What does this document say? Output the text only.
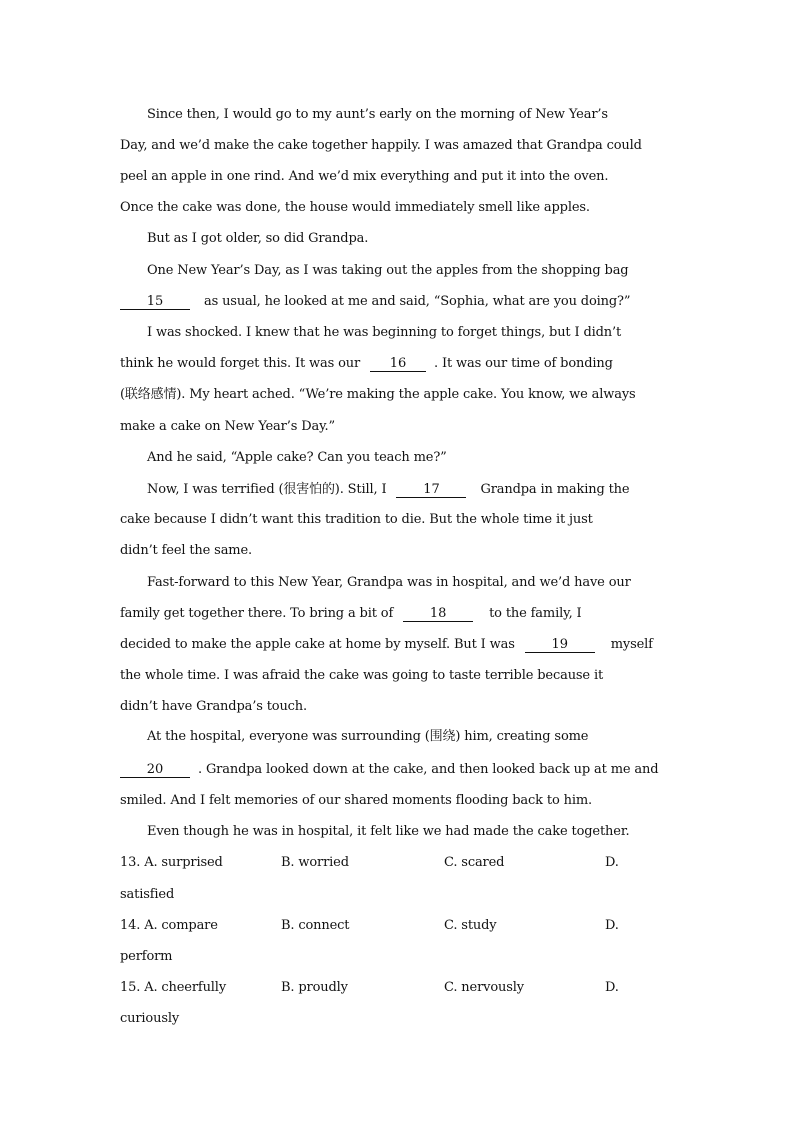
Since then, I would go to my aunt’s early on the morning of New Year’s
Day, and we’d make the cake together happily. I was amazed that Grandpa could
peel an apple in one rind. And we’d mix everything and put it into the oven.
Once the cake was done, the house would immediately smell like apples.
But as I got older, so did Grandpa.
One New Year’s Day, as I was taking out the apples from the shopping bag
15	as usual, he looked at me and said, “Sophia, what are you doing?”
I was shocked. I knew that he was beginning to forget things, but I didn’t
think he would forget this. It was our 16 . It was our time of bonding
(联络感情). My heart ached. “We’re making the apple cake. You know, we always
make a cake on New Year’s Day.”
And he said, “Apple cake? Can you teach me?”
Now, I was terrified (很害怕的). Still, I	17	Grandpa in making the
cake because I didn’t want this tradition to die. But the whole time it just
didn’t feel the same.
Fast-forward to this New Year, Grandpa was in hospital, and we’d have our
family get together there. To bring a bit of	18	to the family, I
decided to make the apple cake at home by myself. But I was	19	myself
the whole time. I was afraid the cake was going to taste terrible because it
didn’t have Grandpa’s touch.
At the hospital, everyone was surrounding (围绕) him, creating some
20	. Grandpa looked down at the cake, and then looked back up at me and
smiled. And I felt memories of our shared moments flooding back to him.
Even though he was in hospital, it felt like we had made the cake together.
13. A. surprised	B. worried	C. scared	D.
satisfied
14. A. compare	B. connect	C. study	D.
perform
15. A. cheerfully	B. proudly	C. nervously	D.
curiously
